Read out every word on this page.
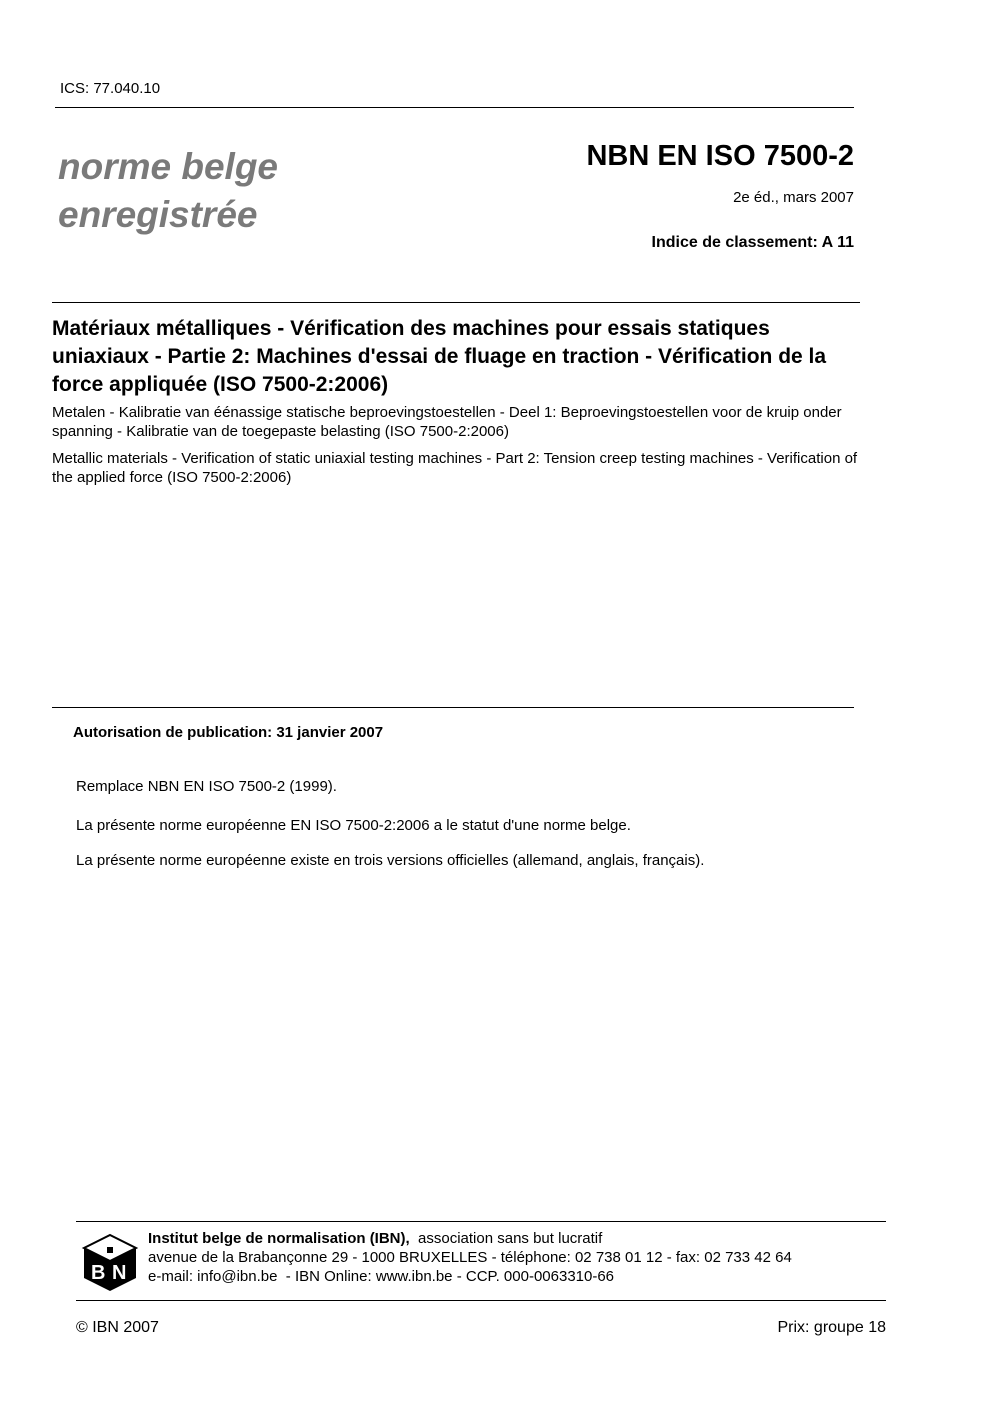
ICS: 77.040.10
norme belge
enregistrée
NBN EN ISO 7500-2
2e éd., mars 2007
Indice de classement: A 11
Matériaux métalliques - Vérification des machines pour essais statiques uniaxiaux - Partie 2: Machines d'essai de fluage en traction - Vérification de la force appliquée (ISO 7500-2:2006)
Metalen - Kalibratie van éénassige statische beproevingstoestellen - Deel 1: Beproevingstoestellen voor de kruip onder spanning - Kalibratie van de toegepaste belasting (ISO 7500-2:2006)
Metallic materials - Verification of static uniaxial testing machines - Part 2: Tension creep testing machines - Verification of the applied force (ISO 7500-2:2006)
Autorisation de publication: 31 janvier 2007
Remplace NBN EN ISO 7500-2 (1999).
La présente norme européenne EN ISO 7500-2:2006 a le statut d'une norme belge.
La présente norme européenne existe en trois versions officielles (allemand, anglais, français).
B N
Institut belge de normalisation (IBN), association sans but lucratif
avenue de la Brabançonne 29 - 1000 BRUXELLES - téléphone: 02 738 01 12 - fax: 02 733 42 64
e-mail: info@ibn.be  - IBN Online: www.ibn.be - CCP. 000-0063310-66
© IBN 2007	Prix: groupe 18
